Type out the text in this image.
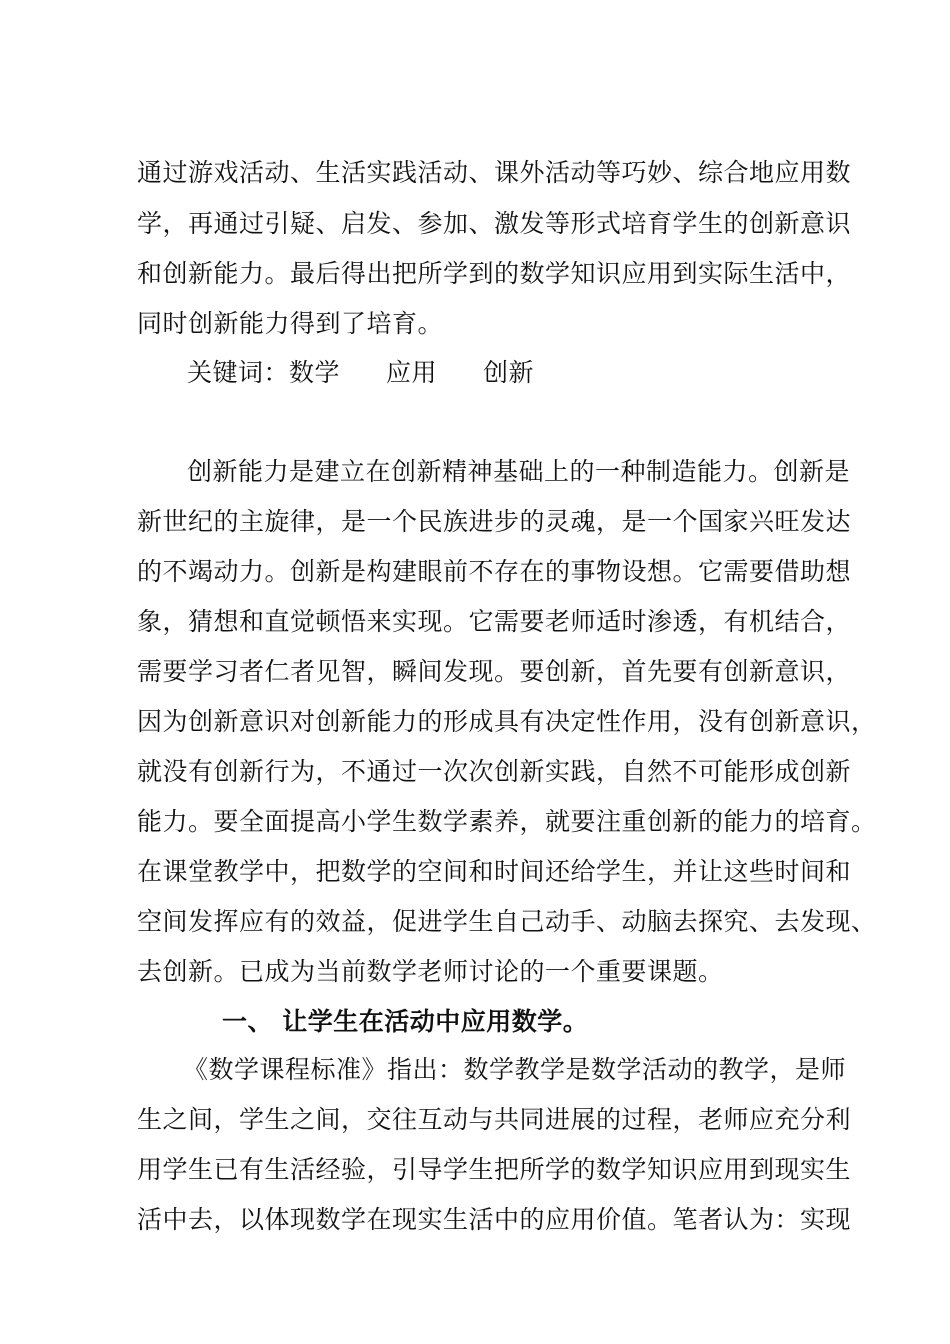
通过游戏活动、生活实践活动、课外活动等巧妙、综合地应用数
学，再通过引疑、启发、参加、激发等形式培育学生的创新意识
和创新能力。最后得出把所学到的数学知识应用到实际生活中，
同时创新能力得到了培育。
关键词：数学 应用 创新
创新能力是建立在创新精神基础上的一种制造能力。创新是
新世纪的主旋律，是一个民族进步的灵魂，是一个国家兴旺发达
的不竭动力。创新是构建眼前不存在的事物设想。它需要借助想
象，猜想和直觉顿悟来实现。它需要老师适时渗透，有机结合，
需要学习者仁者见智，瞬间发现。要创新，首先要有创新意识，
因为创新意识对创新能力的形成具有决定性作用，没有创新意识，
就没有创新行为，不通过一次次创新实践，自然不可能形成创新
能力。要全面提高小学生数学素养，就要注重创新的能力的培育。
在课堂教学中，把数学的空间和时间还给学生，并让这些时间和
空间发挥应有的效益，促进学生自己动手、动脑去探究、去发现、
去创新。已成为当前数学老师讨论的一个重要课题。
一、 让学生在活动中应用数学。
《数学课程标准》指出：数学教学是数学活动的教学，是师
生之间，学生之间，交往互动与共同进展的过程，老师应充分利
用学生已有生活经验，引导学生把所学的数学知识应用到现实生
活中去，以体现数学在现实生活中的应用价值。笔者认为：实现
